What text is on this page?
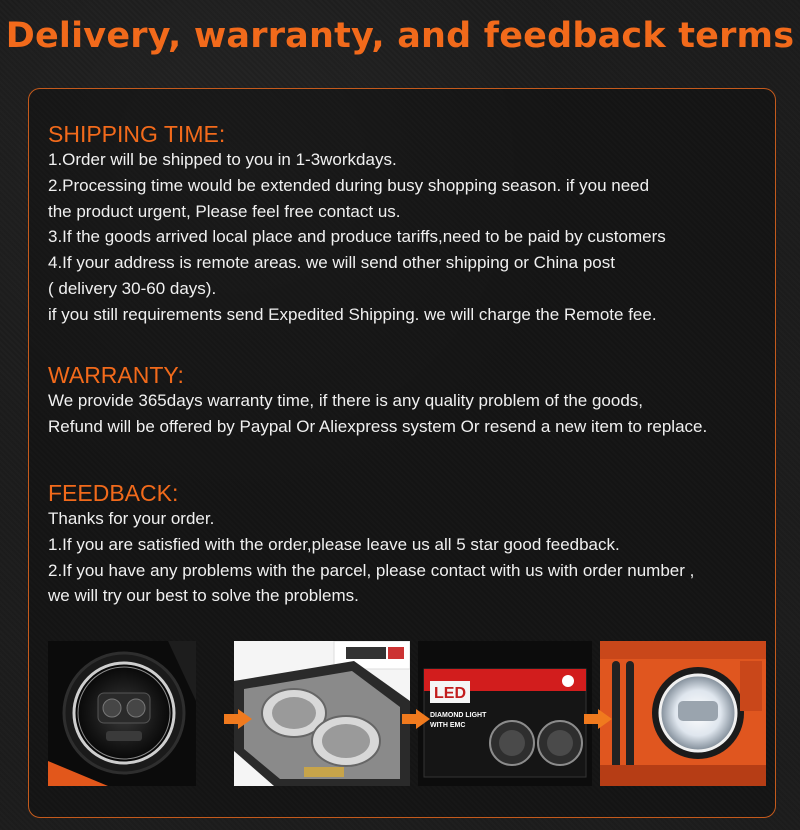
Delivery, warranty, and feedback terms
SHIPPING TIME:
1.Order will be shipped to you in 1-3workdays.
2.Processing time would be extended during busy shopping season. if you need
the product urgent, Please feel free contact us.
3.If the goods arrived local place and produce tariffs,need to be paid by customers
4.If your address is remote areas. we will send other shipping or China post
( delivery 30-60 days).
if you still requirements send Expedited Shipping. we will charge the Remote fee.
WARRANTY:
We provide 365days warranty time, if there is any quality problem of the goods,
Refund will be offered by Paypal Or Aliexpress system Or resend a new item to replace.
FEEDBACK:
Thanks for your order.
1.If you are satisfied with the order,please leave us all 5 star good feedback.
2.If you have any problems with the parcel, please contact with us with order number ,
we will try our best to solve the problems.
LED
DIAMOND LIGHT
WITH EMC
